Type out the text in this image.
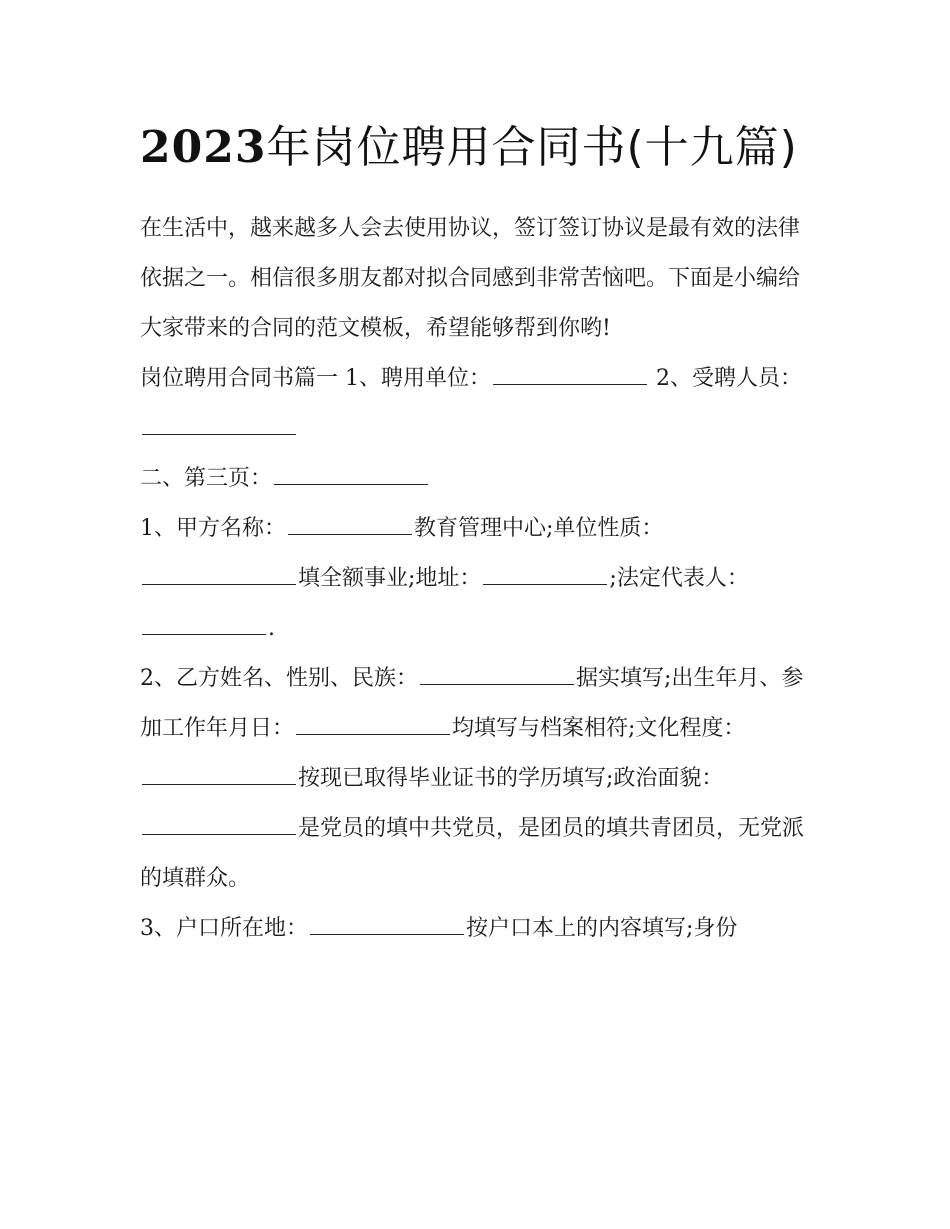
2023年岗位聘用合同书(十九篇)

在生活中，越来越多人会去使用协议，签订签订协议是最有效的法律依据之一。相信很多朋友都对拟合同感到非常苦恼吧。下面是小编给大家带来的合同的范文模板，希望能够帮到你哟!

岗位聘用合同书篇一 1、聘用单位：	2、受聘人员：

二、第三页：

1、甲方名称：	教育管理中心;单位性质：填全额事业;地址：	;法定代表人：.

2、乙方姓名、性别、民族：	据实填写;出生年月、参加工作年月日：	均填写与档案相符;文化程度：按现已取得毕业证书的学历填写;政治面貌：是党员的填中共党员，是团员的填共青团员，无党派的填群众。

3、户口所在地：	按户口本上的内容填写;身份
